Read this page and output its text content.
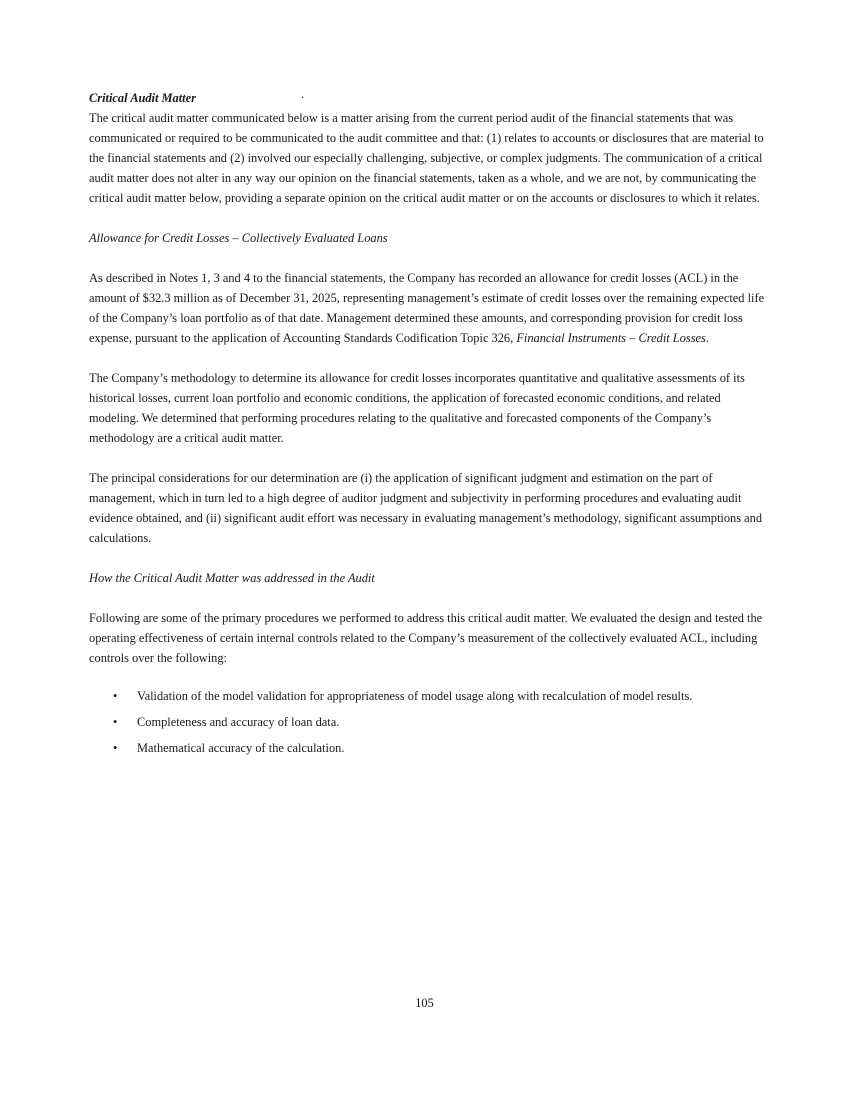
Critical Audit Matter	.

The critical audit matter communicated below is a matter arising from the current period audit of the financial statements that was communicated or required to be communicated to the audit committee and that: (1) relates to accounts or disclosures that are material to the financial statements and (2) involved our especially challenging, subjective, or complex judgments. The communication of a critical audit matter does not alter in any way our opinion on the financial statements, taken as a whole, and we are not, by communicating the critical audit matter below, providing a separate opinion on the critical audit matter or on the accounts or disclosures to which it relates.

Allowance for Credit Losses – Collectively Evaluated Loans

As described in Notes 1, 3 and 4 to the financial statements, the Company has recorded an allowance for credit losses (ACL) in the amount of $32.3 million as of December 31, 2025, representing management’s estimate of credit losses over the remaining expected life of the Company’s loan portfolio as of that date. Management determined these amounts, and corresponding provision for credit loss expense, pursuant to the application of Accounting Standards Codification Topic 326, Financial Instruments – Credit Losses.

The Company’s methodology to determine its allowance for credit losses incorporates quantitative and qualitative assessments of its historical losses, current loan portfolio and economic conditions, the application of forecasted economic conditions, and related modeling. We determined that performing procedures relating to the qualitative and forecasted components of the Company’s methodology are a critical audit matter.

The principal considerations for our determination are (i) the application of significant judgment and estimation on the part of management, which in turn led to a high degree of auditor judgment and subjectivity in performing procedures and evaluating audit evidence obtained, and (ii) significant audit effort was necessary in evaluating management’s methodology, significant assumptions and calculations.

How the Critical Audit Matter was addressed in the Audit

Following are some of the primary procedures we performed to address this critical audit matter. We evaluated the design and tested the operating effectiveness of certain internal controls related to the Company’s measurement of the collectively evaluated ACL, including controls over the following:

• Validation of the model validation for appropriateness of model usage along with recalculation of model results.
• Completeness and accuracy of loan data.
• Mathematical accuracy of the calculation.
105
